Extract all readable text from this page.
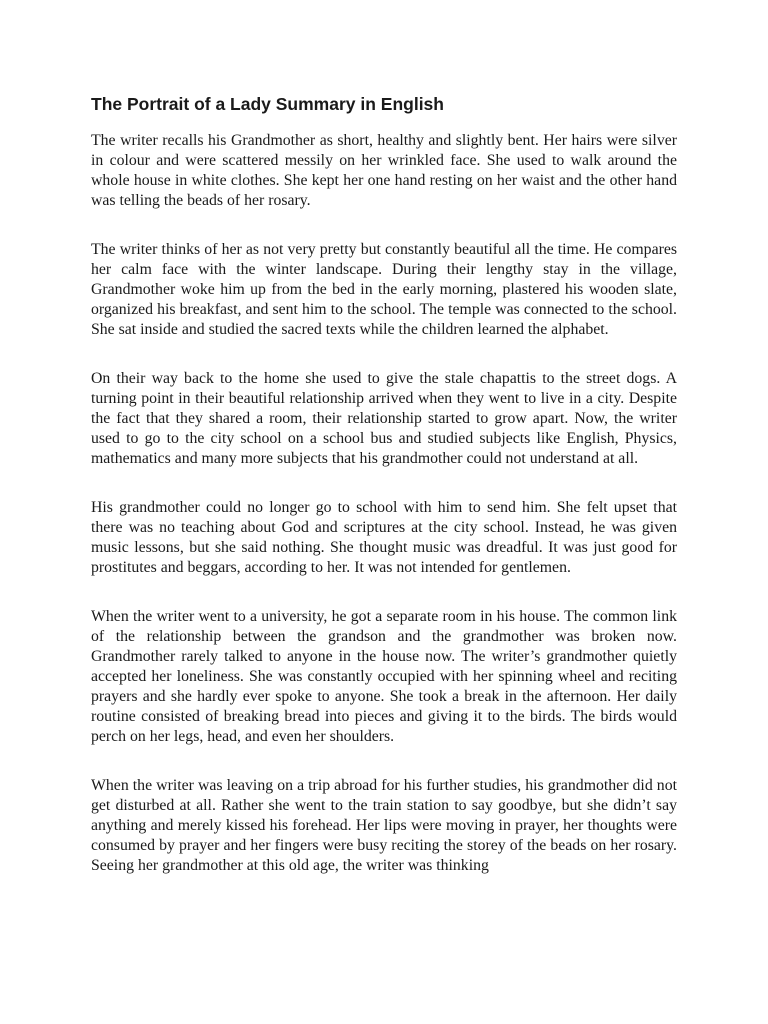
The Portrait of a Lady Summary in English

The writer recalls his Grandmother as short, healthy and slightly bent. Her hairs were silver in colour and were scattered messily on her wrinkled face. She used to walk around the whole house in white clothes. She kept her one hand resting on her waist and the other hand was telling the beads of her rosary.

The writer thinks of her as not very pretty but constantly beautiful all the time. He compares her calm face with the winter landscape. During their lengthy stay in the village, Grandmother woke him up from the bed in the early morning, plastered his wooden slate, organized his breakfast, and sent him to the school. The temple was connected to the school. She sat inside and studied the sacred texts while the children learned the alphabet.

On their way back to the home she used to give the stale chapattis to the street dogs. A turning point in their beautiful relationship arrived when they went to live in a city. Despite the fact that they shared a room, their relationship started to grow apart. Now, the writer used to go to the city school on a school bus and studied subjects like English, Physics, mathematics and many more subjects that his grandmother could not understand at all.

His grandmother could no longer go to school with him to send him. She felt upset that there was no teaching about God and scriptures at the city school. Instead, he was given music lessons, but she said nothing. She thought music was dreadful. It was just good for prostitutes and beggars, according to her. It was not intended for gentlemen.

When the writer went to a university, he got a separate room in his house. The common link of the relationship between the grandson and the grandmother was broken now. Grandmother rarely talked to anyone in the house now. The writer’s grandmother quietly accepted her loneliness. She was constantly occupied with her spinning wheel and reciting prayers and she hardly ever spoke to anyone. She took a break in the afternoon. Her daily routine consisted of breaking bread into pieces and giving it to the birds. The birds would perch on her legs, head, and even her shoulders.

When the writer was leaving on a trip abroad for his further studies, his grandmother did not get disturbed at all. Rather she went to the train station to say goodbye, but she didn’t say anything and merely kissed his forehead. Her lips were moving in prayer, her thoughts were consumed by prayer and her fingers were busy reciting the storey of the beads on her rosary. Seeing her grandmother at this old age, the writer was thinking
